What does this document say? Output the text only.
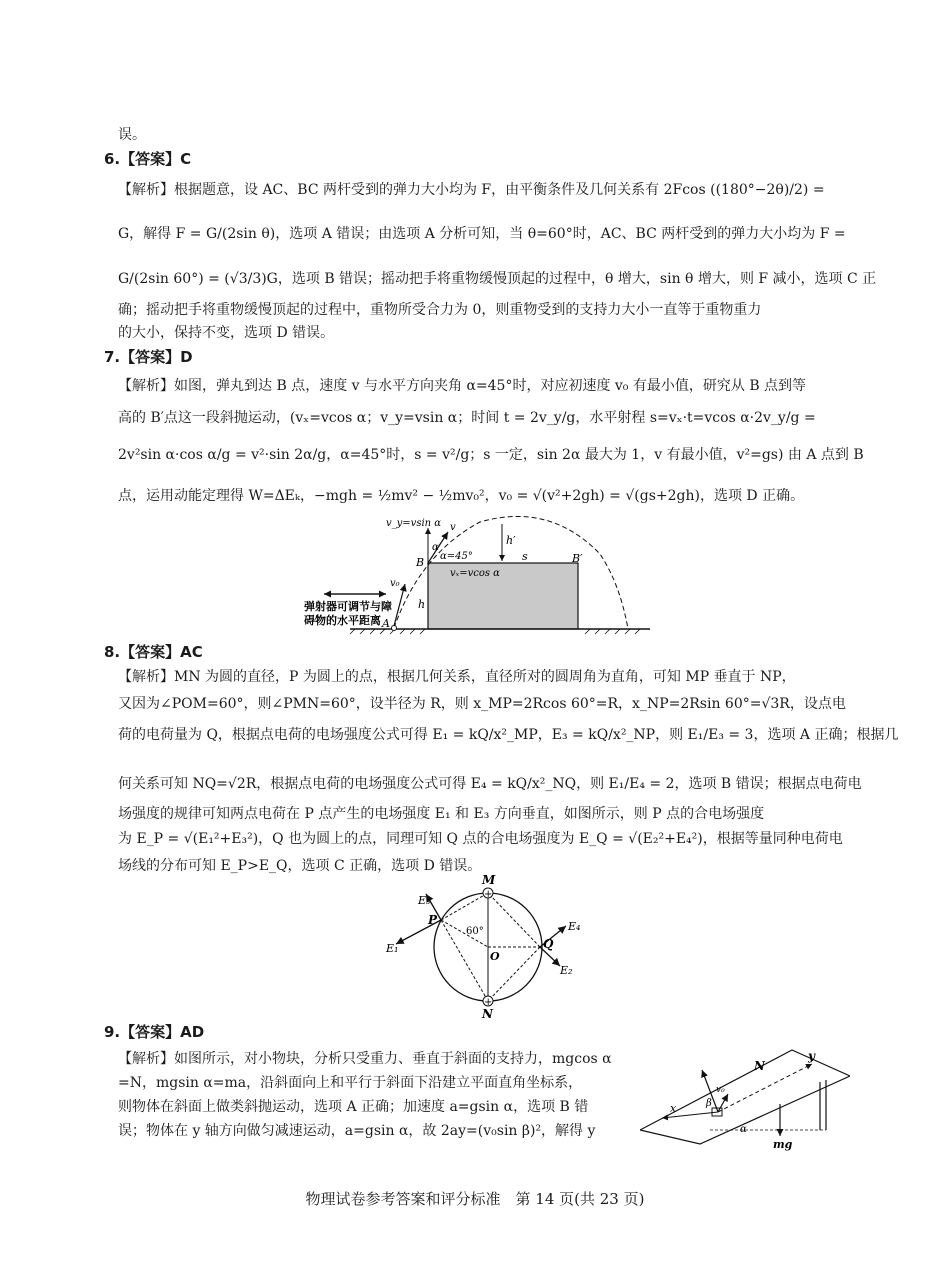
误。
6.【答案】C
【解析】根据题意，设 AC、BC 两杆受到的弹力大小均为 F，由平衡条件及几何关系有 2Fcos ((180°−2θ)/2) =
G，解得 F = G/(2sin θ)，选项 A 错误；由选项 A 分析可知，当 θ=60°时，AC、BC 两杆受到的弹力大小均为 F =
G/(2sin 60°) = (√3/3)G，选项 B 错误；摇动把手将重物缓慢顶起的过程中，θ 增大，sin θ 增大，则 F 减小，选项 C 正
确；摇动把手将重物缓慢顶起的过程中，重物所受合力为 0，则重物受到的支持力大小一直等于重物重力
的大小，保持不变，选项 D 错误。
7.【答案】D
【解析】如图，弹丸到达 B 点，速度 v 与水平方向夹角 α=45°时，对应初速度 v₀ 有最小值，研究从 B 点到等
高的 B′点这一段斜抛运动，(vₓ=vcos α；v_y=vsin α；时间 t = 2v_y/g，水平射程 s=vₓ·t=vcos α·2v_y/g =
2v²sin α·cos α/g = v²·sin 2α/g，α=45°时，s = v²/g；s 一定，sin 2α 最大为 1，v 有最小值，v²=gs) 由 A 点到 B
点，运用动能定理得 W=ΔEₖ，−mgh = ½mv² − ½mv₀²，v₀ = √(v²+2gh) = √(gs+2gh)，选项 D 正确。
v_y=vsin α v
α
α=45°
vₓ=vcos α
h′
s
B	B′
v₀
h
A
弹射器可调节与障
碍物的水平距离
8.【答案】AC
【解析】MN 为圆的直径，P 为圆上的点，根据几何关系，直径所对的圆周角为直角，可知 MP 垂直于 NP，
又因为∠POM=60°，则∠PMN=60°，设半径为 R，则 x_MP=2Rcos 60°=R，x_NP=2Rsin 60°=√3R，设点电
荷的电荷量为 Q，根据点电荷的电场强度公式可得 E₁ = kQ/x²_MP，E₃ = kQ/x²_NP，则 E₁/E₃ = 3，选项 A 正确；根据几
何关系可知 NQ=√2R，根据点电荷的电场强度公式可得 E₄ = kQ/x²_NQ，则 E₁/E₄ = 2，选项 B 错误；根据点电荷电
场强度的规律可知两点电荷在 P 点产生的电场强度 E₁ 和 E₃ 方向垂直，如图所示，则 P 点的合电场强度
为 E_P = √(E₁²+E₃²)，Q 也为圆上的点，同理可知 Q 点的合电场强度为 E_Q = √(E₂²+E₄²)，根据等量同种电荷电
场线的分布可知 E_P>E_Q，选项 C 正确，选项 D 错误。
+
+
M
N
P
Q
O
60°
E₃
E₁
E₄
E₂
9.【答案】AD
【解析】如图所示，对小物块，分析只受重力、垂直于斜面的支持力，mgcos α
=N，mgsin α=ma，沿斜面向上和平行于斜面下沿建立平面直角坐标系，
则物体在斜面上做类斜抛运动，选项 A 正确；加速度 a=gsin α，选项 B 错
误；物体在 y 轴方向做匀减速运动，a=gsin α，故 2ay=(v₀sin β)²，解得 y
N
y
x
v₀
β
α
mg
物理试卷参考答案和评分标准　第 14 页(共 23 页)
